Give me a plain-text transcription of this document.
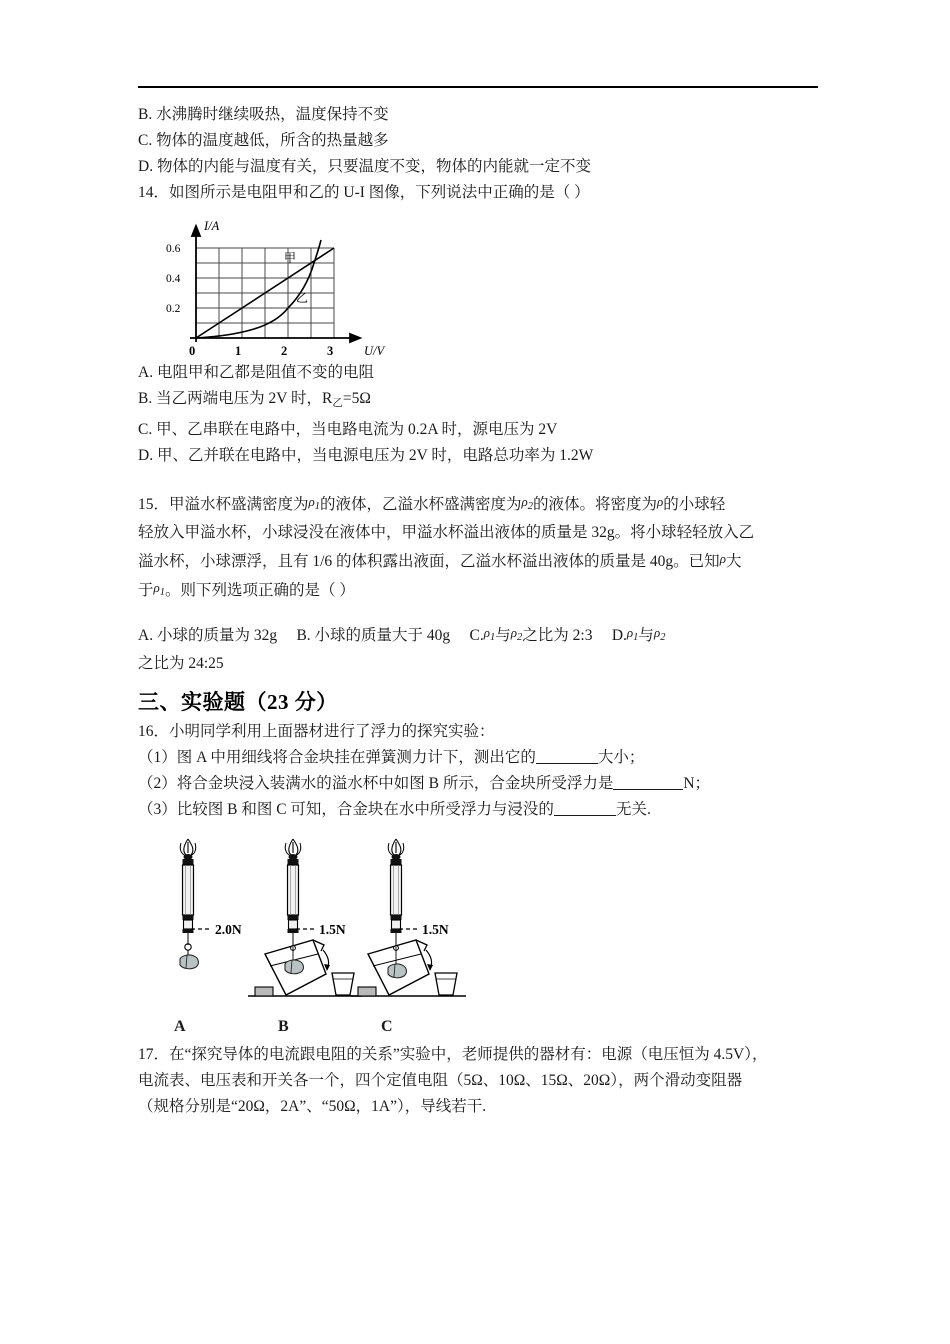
B. 水沸腾时继续吸热，温度保持不变
C. 物体的温度越低，所含的热量越多
D. 物体的内能与温度有关，只要温度不变，物体的内能就一定不变
14．如图所示是电阻甲和乙的 U-I 图像，下列说法中正确的是（ ）
0.6
0.4
0.2
0	1	2	3
I/A
U/V
甲
乙
A. 电阻甲和乙都是阻值不变的电阻
B. 当乙两端电压为 2V 时，R乙=5Ω
C. 甲、乙串联在电路中，当电路电流为 0.2A 时，源电压为 2V
D. 甲、乙并联在电路中，当电源电压为 2V 时，电路总功率为 1.2W
15．甲溢水杯盛满密度为ρ1的液体，乙溢水杯盛满密度为ρ2的液体。将密度为ρ的小球轻
轻放入甲溢水杯，小球浸没在液体中，甲溢水杯溢出液体的质量是 32g。将小球轻轻放入乙
溢水杯，小球漂浮，且有 1/6 的体积露出液面，乙溢水杯溢出液体的质量是 40g。已知ρ大
于ρ1。则下列选项正确的是（ ）
A. 小球的质量为 32g B. 小球的质量大于 40g C.ρ1与ρ2之比为 2:3 D.ρ1与ρ2
之比为 24:25
三、实验题（23 分）
16．小明同学利用上面器材进行了浮力的探究实验：
（1）图 A 中用细线将合金块挂在弹簧测力计下，测出它的	大小；
（2）将合金块浸入装满水的溢水杯中如图 B 所示，合金块所受浮力是	N；
（3）比较图 B 和图 C 可知，合金块在水中所受浮力与浸没的	无关.
2.0N	1.5N	1.5N
A	B	C
17．在“探究导体的电流跟电阻的关系”实验中，老师提供的器材有：电源（电压恒为 4.5V），
电流表、电压表和开关各一个，四个定值电阻（5Ω、10Ω、15Ω、20Ω），两个滑动变阻器
（规格分别是“20Ω，2A”、“50Ω，1A”），导线若干.
